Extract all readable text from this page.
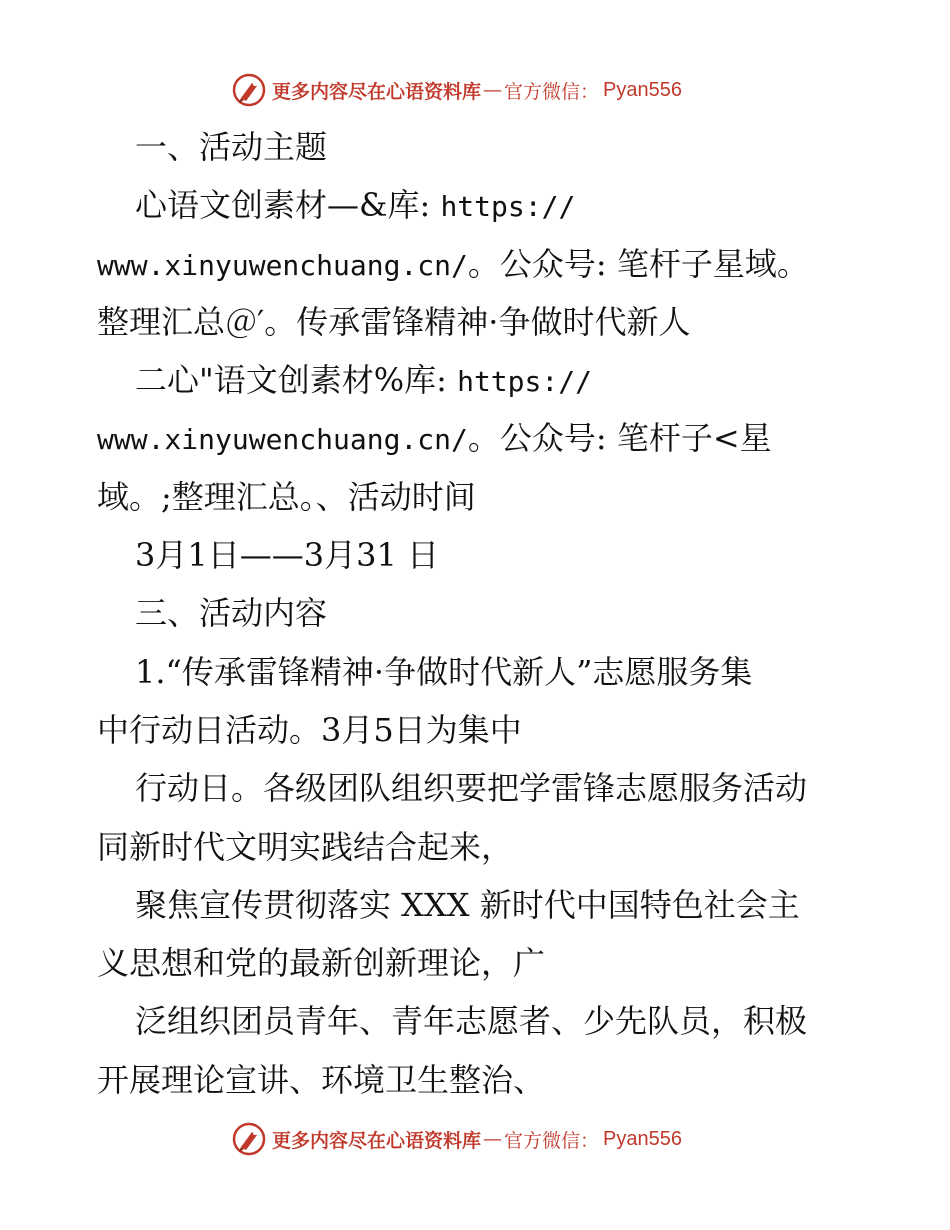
更多内容尽在心语资料库 — 官方微信： Pyan556
一、活动主题
心语文创素材—&库: https://
www.xinyuwenchuang.cn/。公众号: 笔杆子星域。
整理汇总＠′。传承雷锋精神·争做时代新人
二心"语文创素材%库: https://
www.xinyuwenchuang.cn/。公众号: 笔杆子<星
域。;整理汇总。、活动时间
3月1日——3月31 日
三、活动内容
1.“传承雷锋精神·争做时代新人”志愿服务集
中行动日活动。3月5日为集中
行动日。各级团队组织要把学雷锋志愿服务活动
同新时代文明实践结合起来，
聚焦宣传贯彻落实 XXX 新时代中国特色社会主
义思想和党的最新创新理论，广
泛组织团员青年、青年志愿者、少先队员，积极
开展理论宣讲、环境卫生整治、
更多内容尽在心语资料库 — 官方微信： Pyan556
